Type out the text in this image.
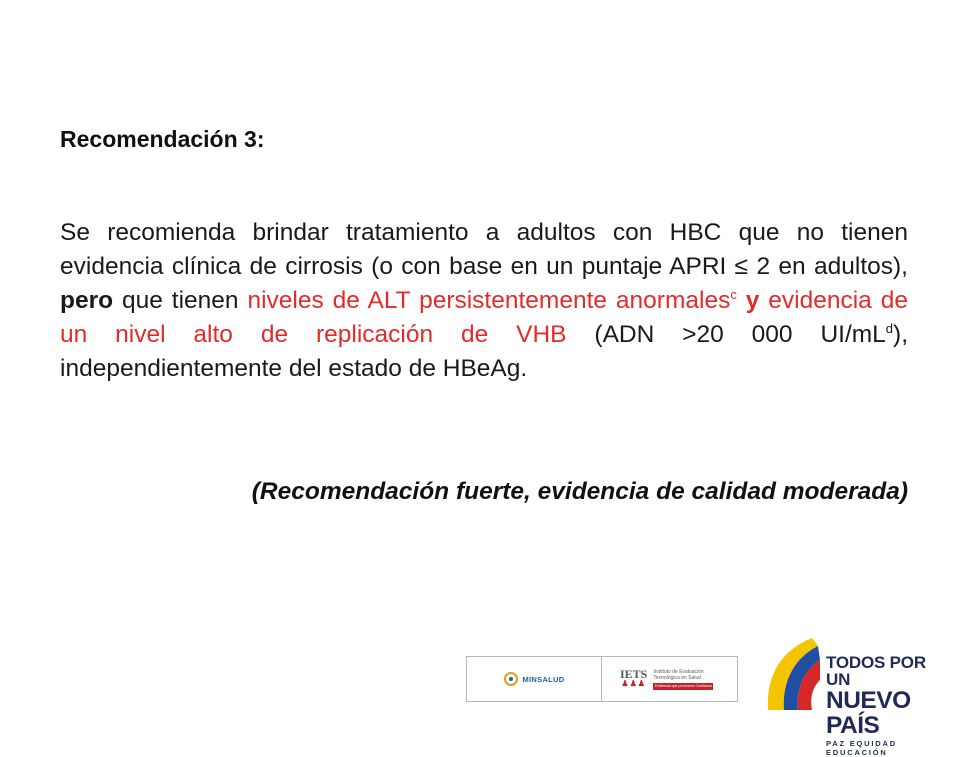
Recomendación 3:
Se recomienda brindar tratamiento a adultos con HBC que no tienen evidencia clínica de cirrosis (o con base en un puntaje APRI ≤ 2 en adultos), pero que tienen niveles de ALT persistentemente anormales$^c$ y evidencia de un nivel alto de replicación de VHB (ADN >20 000 $UI/mL^d$), independientemente del estado de HBeAg.
(Recomendación fuerte, evidencia de calidad moderada)
MINSALUD	IETS
♟♟♟
Instituto de Evaluación Tecnológica en Salud
Evidencia que promueve Confianza
TODOS POR UN
NUEVO PAÍS
PAZ EQUIDAD EDUCACIÓN
